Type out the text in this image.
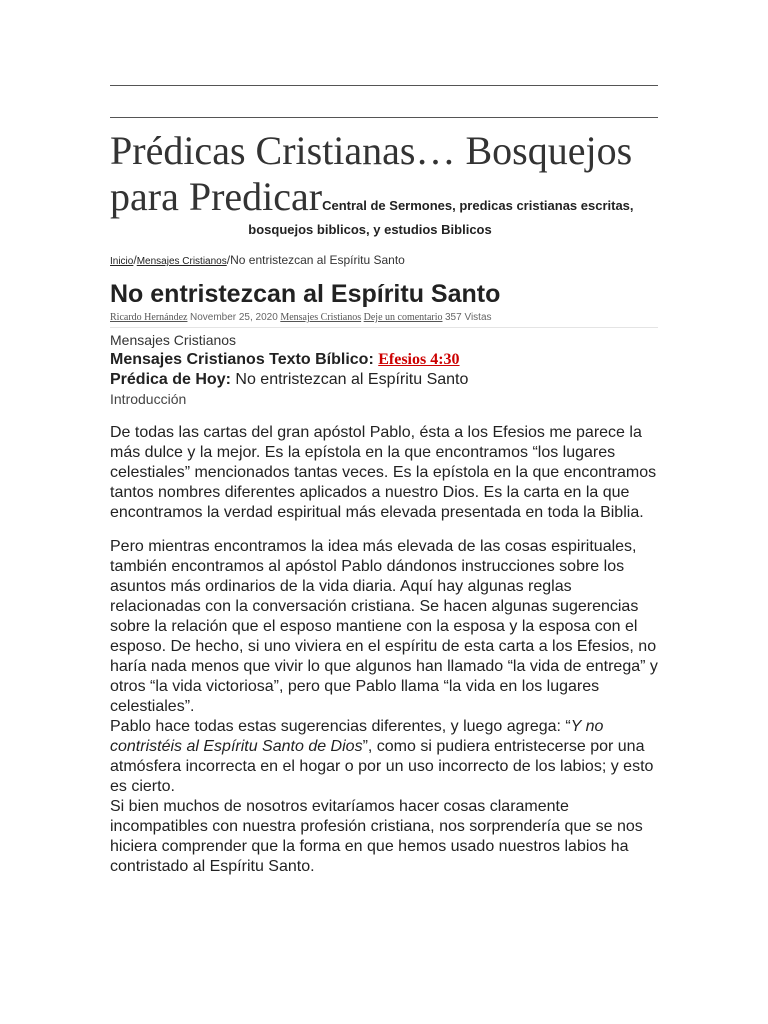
Prédicas Cristianas… Bosquejos para PredicarCentral de Sermones, predicas cristianas escritas,
bosquejos biblicos, y estudios Biblicos
Inicio/Mensajes Cristianos/No entristezcan al Espíritu Santo
No entristezcan al Espíritu Santo
Ricardo Hernández November 25, 2020 Mensajes Cristianos Deje un comentario 357 Vistas
Mensajes Cristianos
Mensajes Cristianos Texto Bíblico: Efesios 4:30
Prédica de Hoy: No entristezcan al Espíritu Santo
Introducción

De todas las cartas del gran apóstol Pablo, ésta a los Efesios me parece la más dulce y la mejor. Es la epístola en la que encontramos “los lugares celestiales” mencionados tantas veces. Es la epístola en la que encontramos tantos nombres diferentes aplicados a nuestro Dios. Es la carta en la que encontramos la verdad espiritual más elevada presentada en toda la Biblia.

Pero mientras encontramos la idea más elevada de las cosas espirituales, también encontramos al apóstol Pablo dándonos instrucciones sobre los asuntos más ordinarios de la vida diaria. Aquí hay algunas reglas relacionadas con la conversación cristiana. Se hacen algunas sugerencias sobre la relación que el esposo mantiene con la esposa y la esposa con el esposo. De hecho, si uno viviera en el espíritu de esta carta a los Efesios, no haría nada menos que vivir lo que algunos han llamado “la vida de entrega” y otros “la vida victoriosa”, pero que Pablo llama “la vida en los lugares celestiales”.

Pablo hace todas estas sugerencias diferentes, y luego agrega: “Y no contristéis al Espíritu Santo de Dios”, como si pudiera entristecerse por una atmósfera incorrecta en el hogar o por un uso incorrecto de los labios; y esto es cierto.

Si bien muchos de nosotros evitaríamos hacer cosas claramente incompatibles con nuestra profesión cristiana, nos sorprendería que se nos hiciera comprender que la forma en que hemos usado nuestros labios ha contristado al Espíritu Santo.
